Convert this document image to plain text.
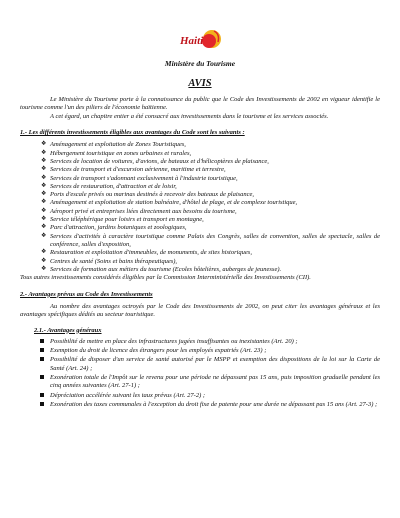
Haiti
Ministère du Tourisme
AVIS

Le Ministère du Tourisme porte à la connaissance du public que le Code des Investissements de 2002 en vigueur identifie le tourisme comme l'un des piliers de l'économie haïtienne.

A cet égard, un chapitre entier a été consacré aux investissements dans le tourisme et les services associés.

1.- Les différents investissements éligibles aux avantages du Code sont les suivants :
❖ Aménagement et exploitation de Zones Touristiques,
❖ Hébergement touristique en zones urbaines et rurales,
❖ Services de location de voitures, d'avions, de bateaux et d'hélicoptères de plaisance,
❖ Services de transport et d'excursion aérienne, maritime et terrestre,
❖ Services de transport s'adonnant exclusivement à l'industrie touristique,
❖ Services de restauration, d'attraction et de loisir,
❖ Ports d'escale privés ou marinas destinés à recevoir des bateaux de plaisance,
❖ Aménagement et exploitation de station balnéaire, d'hôtel de plage, et de complexe touristique,
❖ Aéroport privé et entreprises liées directement aux besoins du tourisme,
❖ Service téléphérique pour loisirs et transport en montagne,
❖ Parc d'attraction, jardins botaniques et zoologiques,
❖ Services d'activités à caractère touristique comme Palais des Congrès, salles de convention, salles de spectacle, salles de conférence, salles d'exposition,
❖ Restauration et exploitation d'immeubles, de monuments, de sites historiques,
❖ Centres de santé (Soins et bains thérapeutiques),
❖ Services de formation aux métiers du tourisme (Ecoles hôtelières, auberges de jeunesse).

Tous autres investissements considérés éligibles par la Commission Interministérielle des Investissements (CII).

2.- Avantages prévus au Code des Investissements

Au nombre des avantages octroyés par le Code des Investissements de 2002, on peut citer les avantages généraux et les avantages spécifiques dédiés au secteur touristique.

2.1.- Avantages généraux
Possibilité de mettre en place des infrastructures jugées insuffisantes ou inexistantes (Art. 20) ;
Exemption du droit de licence des étrangers pour les employés expatriés (Art. 23) ;
Possibilité de disposer d'un service de santé autorisé par le MSPP et exemption des dispositions de la loi sur la Carte de Santé (Art. 24) ;
Exonération totale de l'Impôt sur le revenu pour une période ne dépassant pas 15 ans, puis imposition graduelle pendant les cinq années suivantes (Art. 27-1) ;
Dépréciation accélérée suivant les taux prévus (Art. 27-2) ;
Exonération des taxes communales à l'exception du droit fixe de patente pour une durée ne dépassant pas 15 ans (Art. 27-3) ;
